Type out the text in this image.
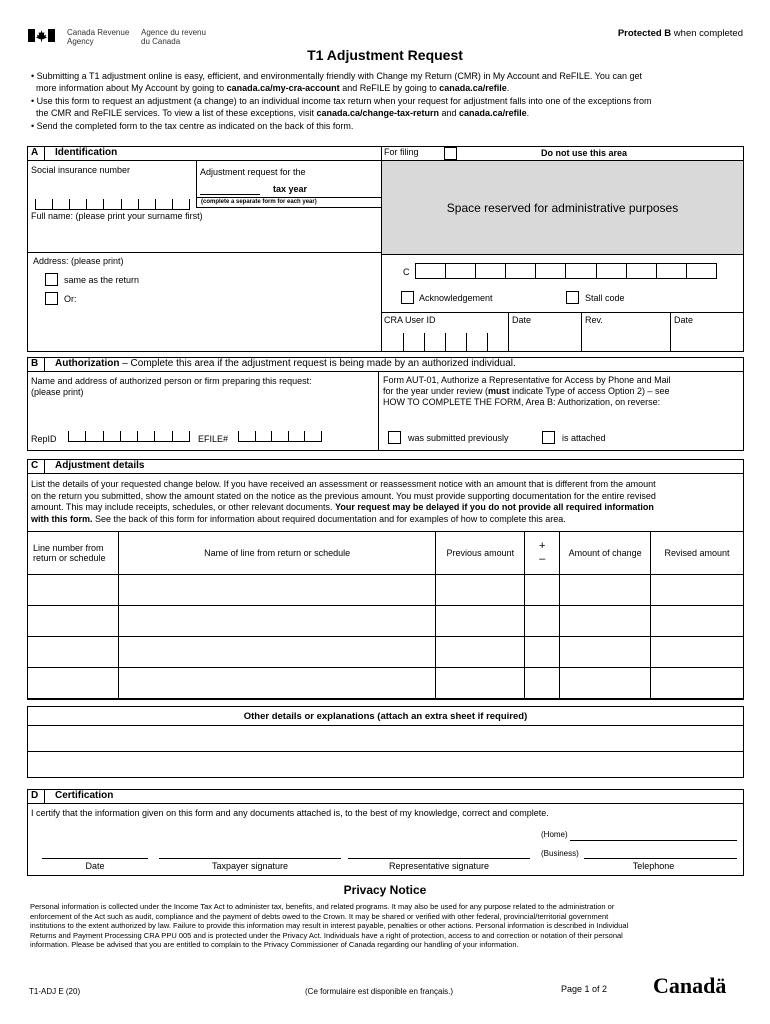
Canada Revenue
Agency
Agence du revenu
du Canada
Protected B when completed
T1 Adjustment Request

• Submitting a T1 adjustment online is easy, efficient, and environmentally friendly with Change my Return (CMR) in My Account and ReFILE. You can get
more information about My Account by going to canada.ca/my-cra-account and ReFILE by going to canada.ca/refile.

• Use this form to request an adjustment (a change) to an individual income tax return when your request for adjustment falls into one of the exceptions from
the CMR and ReFILE services. To view a list of these exceptions, visit canada.ca/change-tax-return and canada.ca/refile.

• Send the completed form to the tax centre as indicated on the back of this form.

A Identification	For filing	Do not use this area
Space reserved for administrative purposes
Social insurance number	Adjustment request for the
tax year
(complete a separate form for each year)
Full name: (please print your surname first)
Address: (please print)
same as the return
Or:
C
Acknowledgement	Stall code
CRA User ID	Date	Rev.	Date
B Authorization – Complete this area if the adjustment request is being made by an authorized individual.
Name and address of authorized person or firm preparing this request:
(please print)
Form AUT-01, Authorize a Representative for Access by Phone and Mail
for the year under review (must indicate Type of access Option 2) – see
HOW TO COMPLETE THE FORM, Area B: Authorization, on reverse:
RepID	EFILE#	was submitted previously	is attached
C Adjustment details
List the details of your requested change below. If you have received an assessment or reassessment notice with an amount that is different from the amount
on the return you submitted, show the amount stated on the notice as the previous amount. You must provide supporting documentation for the entire revised
amount. This may include receipts, schedules, or other relevant documents. Your request may be delayed if you do not provide all required information
with this form. See the back of this form for information about required documentation and for examples of how to complete this area.
Line number from
return or schedule	Name of line from return or schedule	Previous amount	+
–	Amount of change	Revised amount

Other details or explanations (attach an extra sheet if required)
D Certification
I certify that the information given on this form and any documents attached is, to the best of my knowledge, correct and complete.
(Home)
(Business)
Date	Taxpayer signature	Representative signature	Telephone
Privacy Notice
Personal information is collected under the Income Tax Act to administer tax, benefits, and related programs. It may also be used for any purpose related to the administration or
enforcement of the Act such as audit, compliance and the payment of debts owed to the Crown. It may be shared or verified with other federal, provincial/territorial government
institutions to the extent authorized by law. Failure to provide this information may result in interest payable, penalties or other actions. Personal information is described in Individual
Returns and Payment Processing CRA PPU 005 and is protected under the Privacy Act. Individuals have a right of protection, access to and correction or notation of their personal
information. Please be advised that you are entitled to complain to the Privacy Commissioner of Canada regarding our handling of your information.
T1-ADJ E (20)	(Ce formulaire est disponible en français.)	Page 1 of 2 Canadä
